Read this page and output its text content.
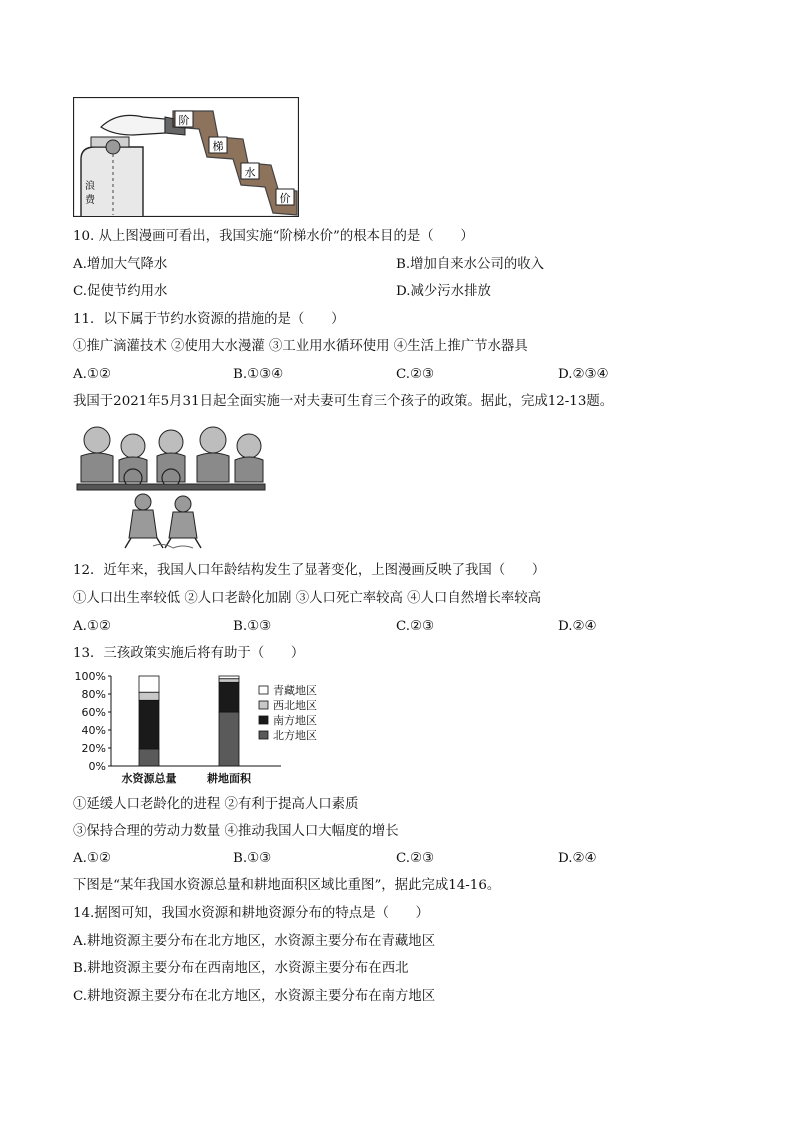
阶
梯
水
价
浪
费
10. 从上图漫画可看出，我国实施“阶梯水价”的根本目的是（　　）
A.增加大气降水	B.增加自来水公司的收入
C.促使节约用水	D.减少污水排放
11．以下属于节约水资源的措施的是（　　）
①推广滴灌技术 ②使用大水漫灌 ③工业用水循环使用 ④生活上推广节水器具
A.①②	B.①③④	C.②③	D.②③④
我国于2021年5月31日起全面实施一对夫妻可生育三个孩子的政策。据此，完成12-13题。
12．近年来，我国人口年龄结构发生了显著变化，上图漫画反映了我国（　　）
①人口出生率较低 ②人口老龄化加剧 ③人口死亡率较高 ④人口自然增长率较高
A.①②	B.①③	C.②③	D.②④
13．三孩政策实施后将有助于（　　）
0%
20%
40%
60%
80%
100%
水资源总量	耕地面积
青藏地区
西北地区
南方地区
北方地区
①延缓人口老龄化的进程 ②有利于提高人口素质
③保持合理的劳动力数量 ④推动我国人口大幅度的增长
A.①②	B.①③	C.②③	D.②④
下图是“某年我国水资源总量和耕地面积区域比重图”，据此完成14-16。
14.据图可知，我国水资源和耕地资源分布的特点是（　　）
A.耕地资源主要分布在北方地区，水资源主要分布在青藏地区
B.耕地资源主要分布在西南地区，水资源主要分布在西北
C.耕地资源主要分布在北方地区，水资源主要分布在南方地区
